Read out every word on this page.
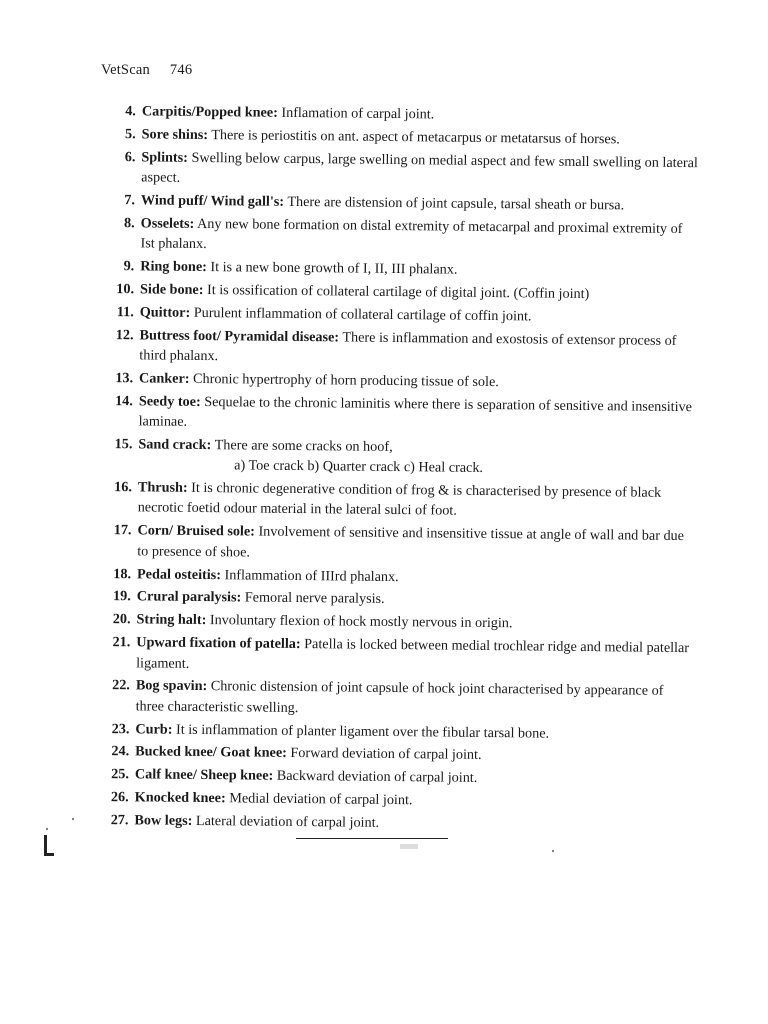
VetScan 746
4. Carpitis/Popped knee: Inflamation of carpal joint.
5. Sore shins: There is periostitis on ant. aspect of metacarpus or metatarsus of horses.
6. Splints: Swelling below carpus, large swelling on medial aspect and few small swelling on lateral aspect.
7. Wind puff/ Wind gall's: There are distension of joint capsule, tarsal sheath or bursa.
8. Osselets: Any new bone formation on distal extremity of metacarpal and proximal extremity of Ist phalanx.
9. Ring bone: It is a new bone growth of I, II, III phalanx.
10. Side bone: It is ossification of collateral cartilage of digital joint. (Coffin joint)
11. Quittor: Purulent inflammation of collateral cartilage of coffin joint.
12. Buttress foot/ Pyramidal disease: There is inflammation and exostosis of extensor process of third phalanx.
13. Canker: Chronic hypertrophy of horn producing tissue of sole.
14. Seedy toe: Sequelae to the chronic laminitis where there is separation of sensitive and insensitive laminae.
15. Sand crack: There are some cracks on hoof,
a) Toe crack b) Quarter crack c) Heal crack.
16. Thrush: It is chronic degenerative condition of frog & is characterised by presence of black necrotic foetid odour material in the lateral sulci of foot.
17. Corn/ Bruised sole: Involvement of sensitive and insensitive tissue at angle of wall and bar due to presence of shoe.
18. Pedal osteitis: Inflammation of IIIrd phalanx.
19. Crural paralysis: Femoral nerve paralysis.
20. String halt: Involuntary flexion of hock mostly nervous in origin.
21. Upward fixation of patella: Patella is locked between medial trochlear ridge and medial patellar ligament.
22. Bog spavin: Chronic distension of joint capsule of hock joint characterised by appearance of three characteristic swelling.
23. Curb: It is inflammation of planter ligament over the fibular tarsal bone.
24. Bucked knee/ Goat knee: Forward deviation of carpal joint.
25. Calf knee/ Sheep knee: Backward deviation of carpal joint.
26. Knocked knee: Medial deviation of carpal joint.
27. Bow legs: Lateral deviation of carpal joint.
